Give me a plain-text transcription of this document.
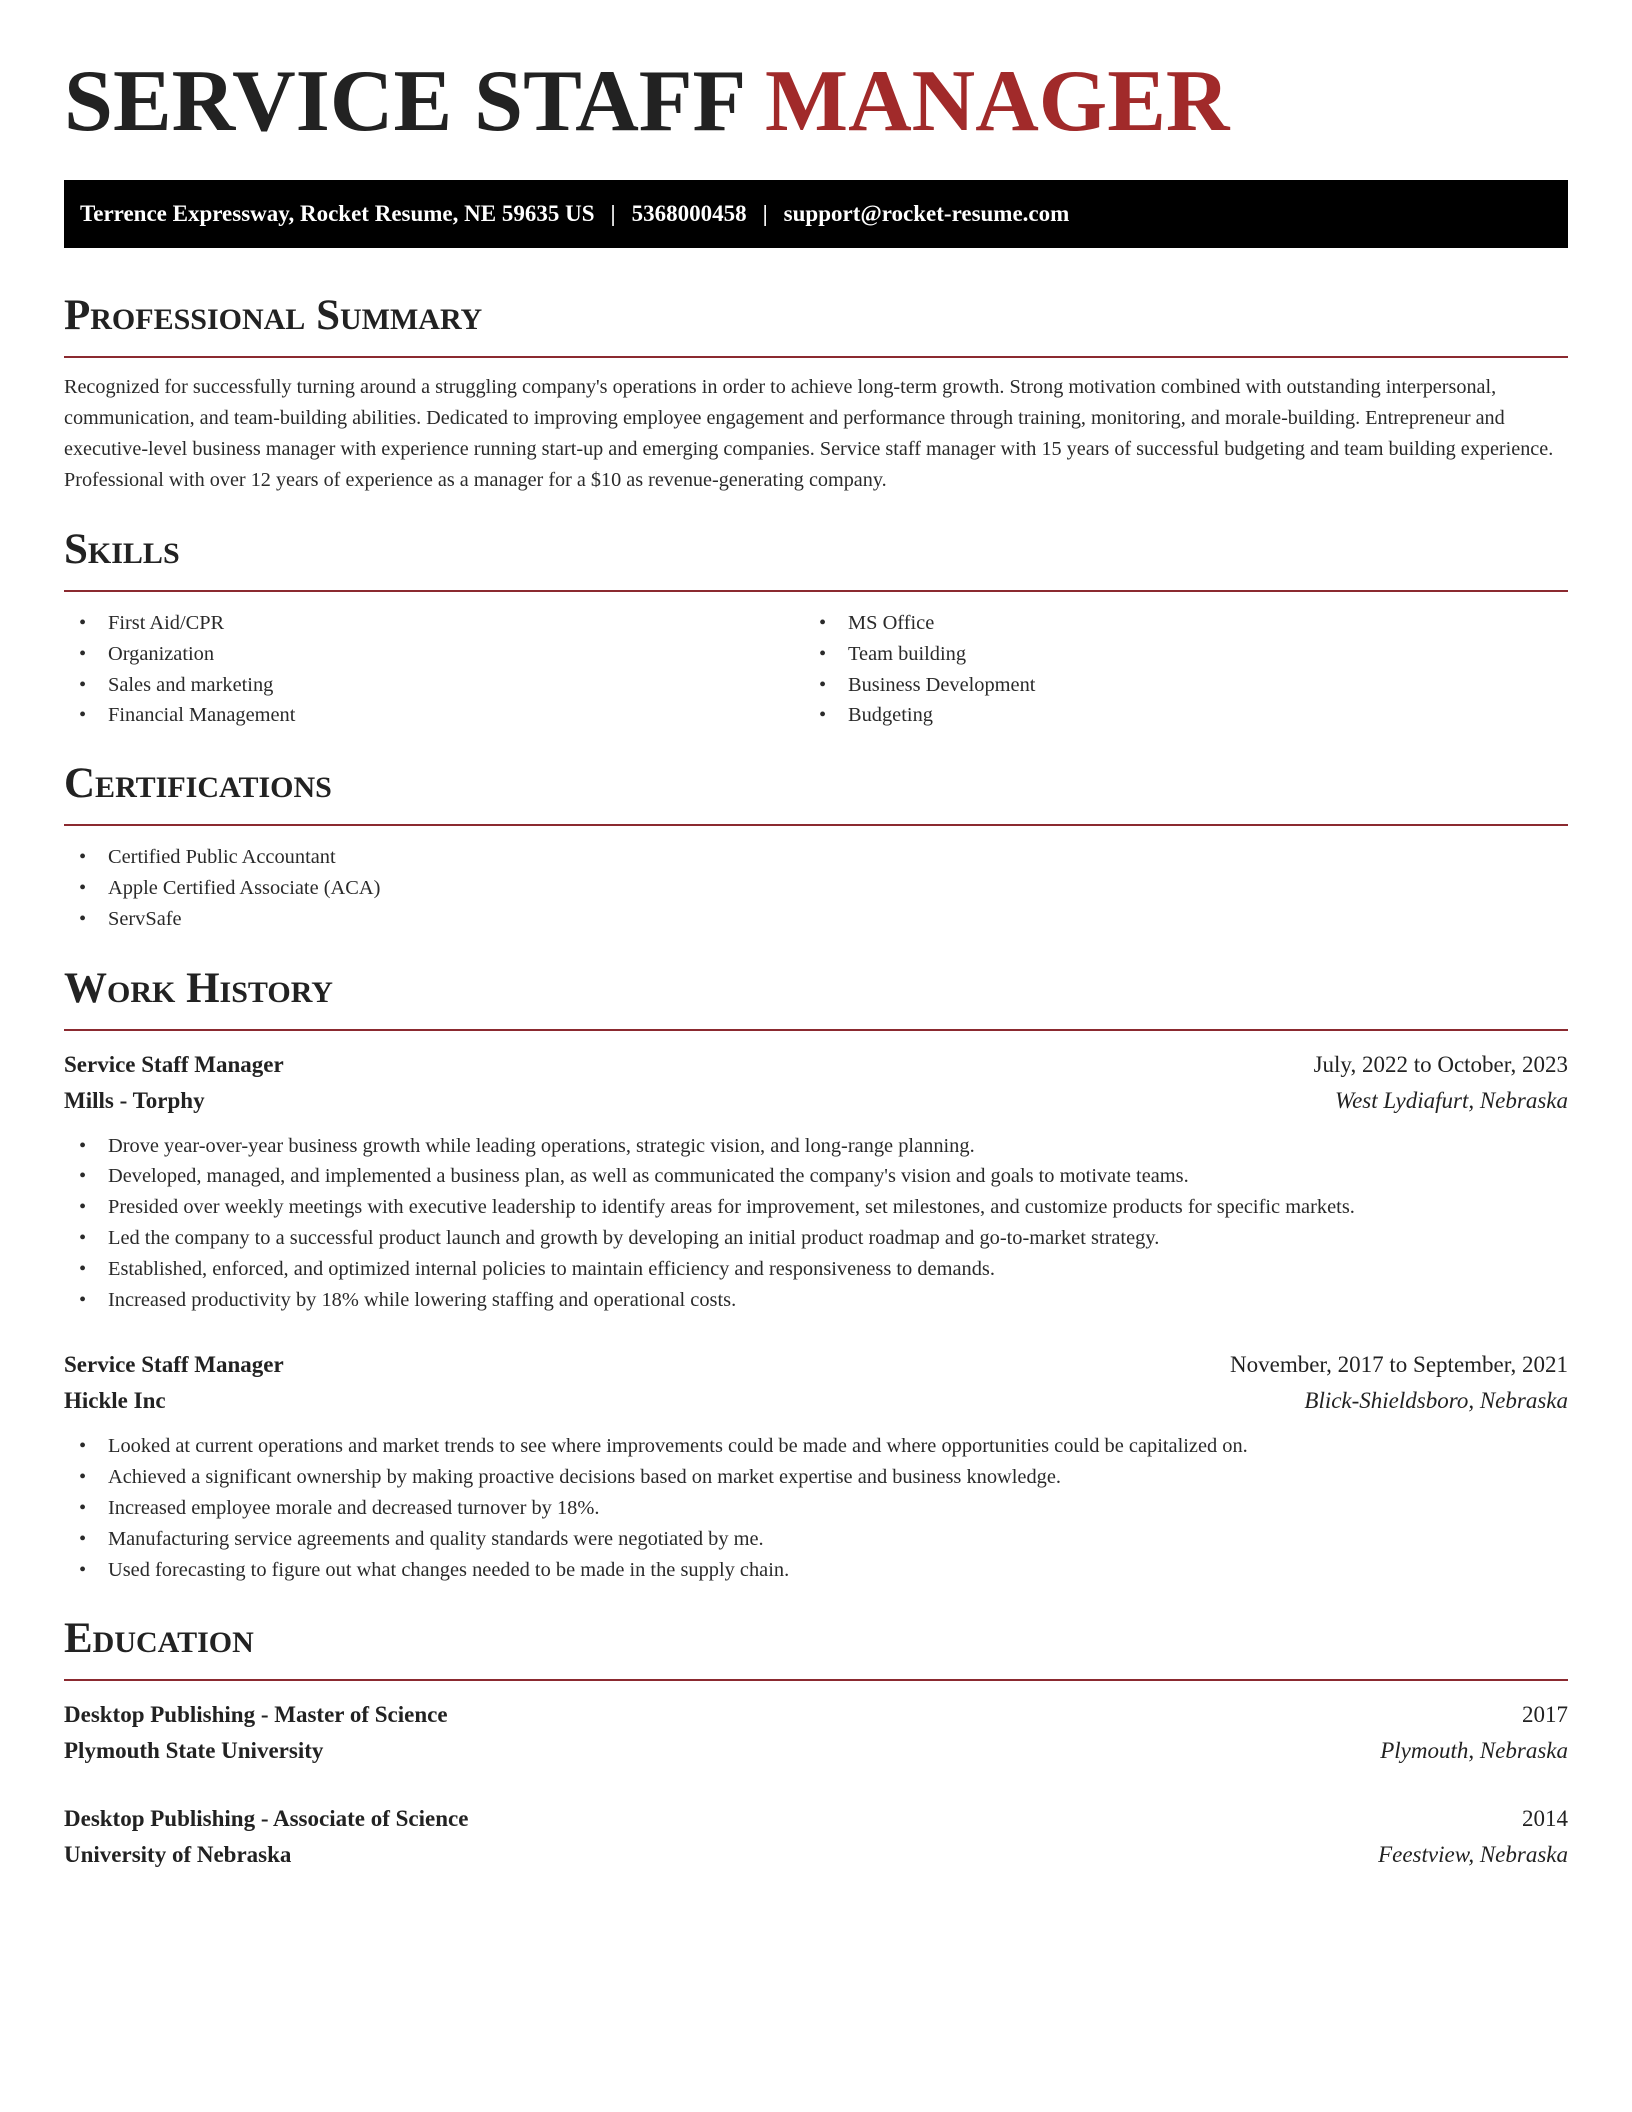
SERVICE STAFF MANAGER
Terrence Expressway, Rocket Resume, NE 59635 US | 5368000458 | support@rocket-resume.com
Professional Summary

Recognized for successfully turning around a struggling company's operations in order to achieve long-term growth. Strong motivation combined with outstanding interpersonal, communication, and team-building abilities. Dedicated to improving employee engagement and performance through training, monitoring, and morale-building. Entrepreneur and executive-level business manager with experience running start-up and emerging companies. Service staff manager with 15 years of successful budgeting and team building experience. Professional with over 12 years of experience as a manager for a $10 as revenue-generating company.

Skills
• First Aid/CPR
• Organization
• Sales and marketing
• Financial Management
• MS Office
• Team building
• Business Development
• Budgeting
Certifications
• Certified Public Accountant
• Apple Certified Associate (ACA)
• ServSafe
Work History
Service Staff Manager	July, 2022 to October, 2023
Mills - Torphy	West Lydiafurt, Nebraska
• Drove year-over-year business growth while leading operations, strategic vision, and long-range planning.
• Developed, managed, and implemented a business plan, as well as communicated the company's vision and goals to motivate teams.
• Presided over weekly meetings with executive leadership to identify areas for improvement, set milestones, and customize products for specific markets.
• Led the company to a successful product launch and growth by developing an initial product roadmap and go-to-market strategy.
• Established, enforced, and optimized internal policies to maintain efficiency and responsiveness to demands.
• Increased productivity by 18% while lowering staffing and operational costs.
Service Staff Manager	November, 2017 to September, 2021
Hickle Inc	Blick-Shieldsboro, Nebraska
• Looked at current operations and market trends to see where improvements could be made and where opportunities could be capitalized on.
• Achieved a significant ownership by making proactive decisions based on market expertise and business knowledge.
• Increased employee morale and decreased turnover by 18%.
• Manufacturing service agreements and quality standards were negotiated by me.
• Used forecasting to figure out what changes needed to be made in the supply chain.
Education
Desktop Publishing - Master of Science	2017
Plymouth State University	Plymouth, Nebraska
Desktop Publishing - Associate of Science	2014
University of Nebraska	Feestview, Nebraska
